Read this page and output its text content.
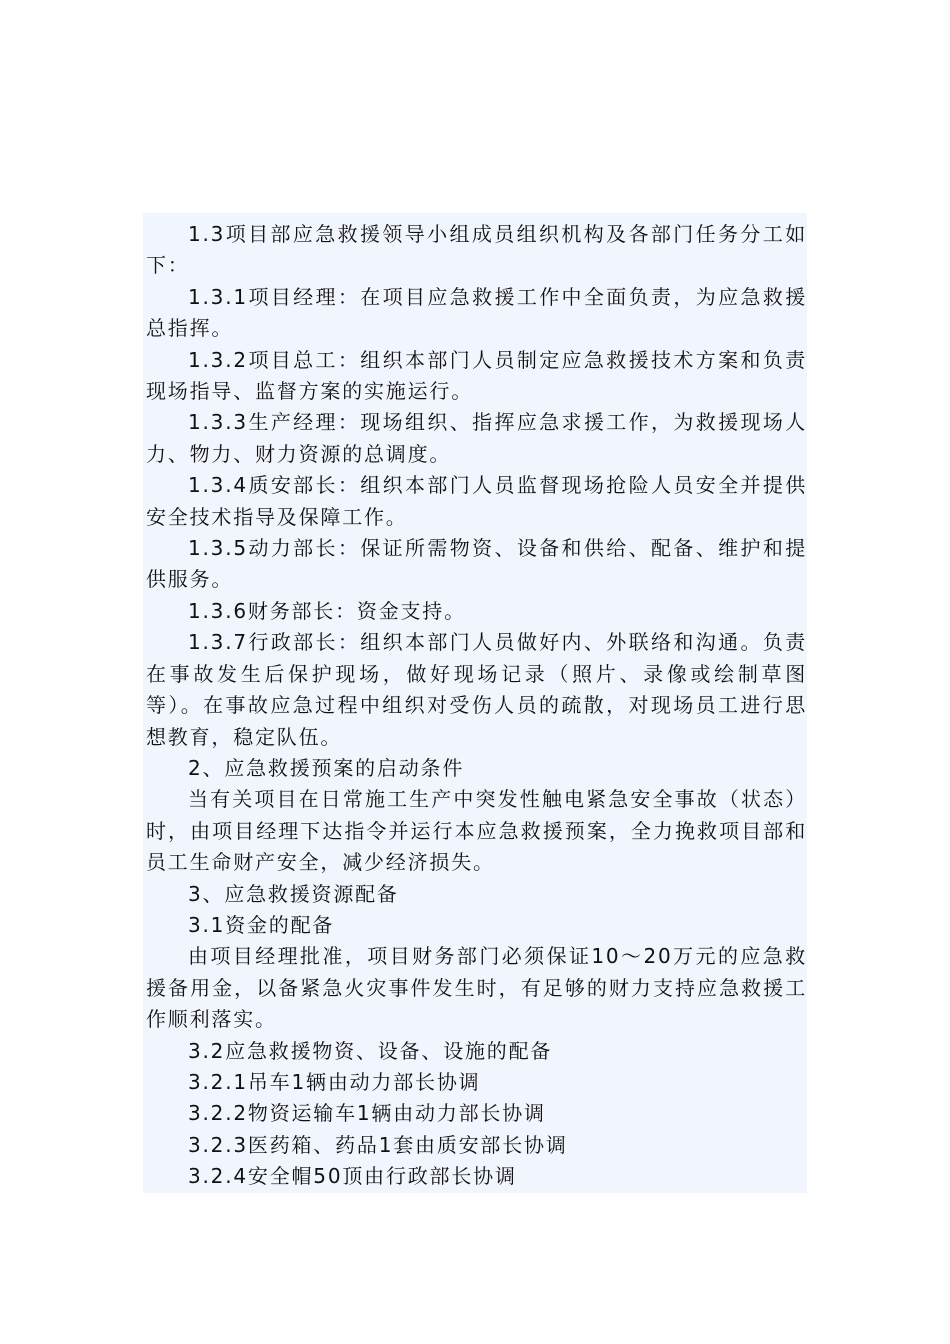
1.3项目部应急救援领导小组成员组织机构及各部门任务分工如下：

1.3.1项目经理：在项目应急救援工作中全面负责，为应急救援总指挥。

1.3.2项目总工：组织本部门人员制定应急救援技术方案和负责现场指导、监督方案的实施运行。

1.3.3生产经理：现场组织、指挥应急求援工作，为救援现场人力、物力、财力资源的总调度。

1.3.4质安部长：组织本部门人员监督现场抢险人员安全并提供安全技术指导及保障工作。

1.3.5动力部长：保证所需物资、设备和供给、配备、维护和提供服务。

1.3.6财务部长：资金支持。

1.3.7行政部长：组织本部门人员做好内、外联络和沟通。负责在事故发生后保护现场，做好现场记录（照片、录像或绘制草图等）。在事故应急过程中组织对受伤人员的疏散，对现场员工进行思想教育，稳定队伍。

2、应急救援预案的启动条件

当有关项目在日常施工生产中突发性触电紧急安全事故（状态）时，由项目经理下达指令并运行本应急救援预案，全力挽救项目部和员工生命财产安全，减少经济损失。

3、应急救援资源配备

3.1资金的配备

由项目经理批准，项目财务部门必须保证10～20万元的应急救援备用金，以备紧急火灾事件发生时，有足够的财力支持应急救援工作顺利落实。

3.2应急救援物资、设备、设施的配备

3.2.1吊车1辆由动力部长协调

3.2.2物资运输车1辆由动力部长协调

3.2.3医药箱、药品1套由质安部长协调

3.2.4安全帽50顶由行政部长协调
